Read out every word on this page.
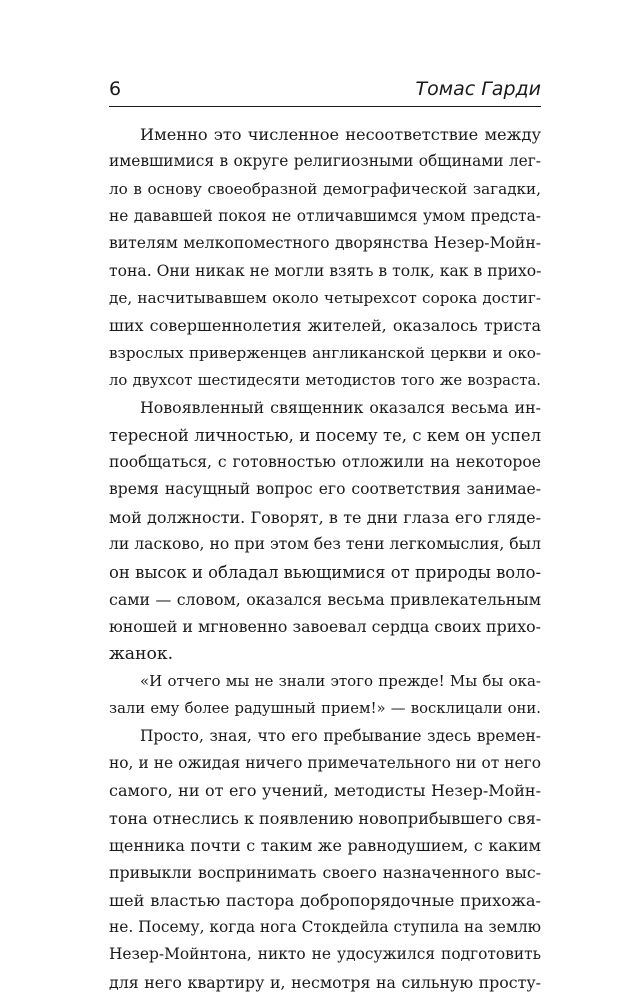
6	Томас Гарди
Именно это численное несоответствие между
имевшимися в округе религиозными общинами лег-
ло в основу своеобразной демографической загадки,
не дававшей покоя не отличавшимся умом предста-
вителям мелкопоместного дворянства Незер-Мойн-
тона. Они никак не могли взять в толк, как в прихо-
де, насчитывавшем около четырехсот сорока достиг-
ших совершеннолетия жителей, оказалось триста
взрослых приверженцев англиканской церкви и око-
ло двухсот шестидесяти методистов того же возраста.
Новоявленный священник оказался весьма ин-
тересной личностью, и посему те, с кем он успел
пообщаться, с готовностью отложили на некоторое
время насущный вопрос его соответствия занимае-
мой должности. Говорят, в те дни глаза его гляде-
ли ласково, но при этом без тени легкомыслия, был
он высок и обладал вьющимися от природы воло-
сами — словом, оказался весьма привлекательным
юношей и мгновенно завоевал сердца своих прихо-
жанок.
«И отчего мы не знали этого прежде! Мы бы ока-
зали ему более радушный прием!» — восклицали они.
Просто, зная, что его пребывание здесь времен-
но, и не ожидая ничего примечательного ни от него
самого, ни от его учений, методисты Незер-Мойн-
тона отнеслись к появлению новоприбывшего свя-
щенника почти с таким же равнодушием, с каким
привыкли воспринимать своего назначенного выс-
шей властью пастора добропорядочные прихожа-
не. Посему, когда нога Стокдейла ступила на землю
Незер-Мойнтона, никто не удосужился подготовить
для него квартиру и, несмотря на сильную просту-
